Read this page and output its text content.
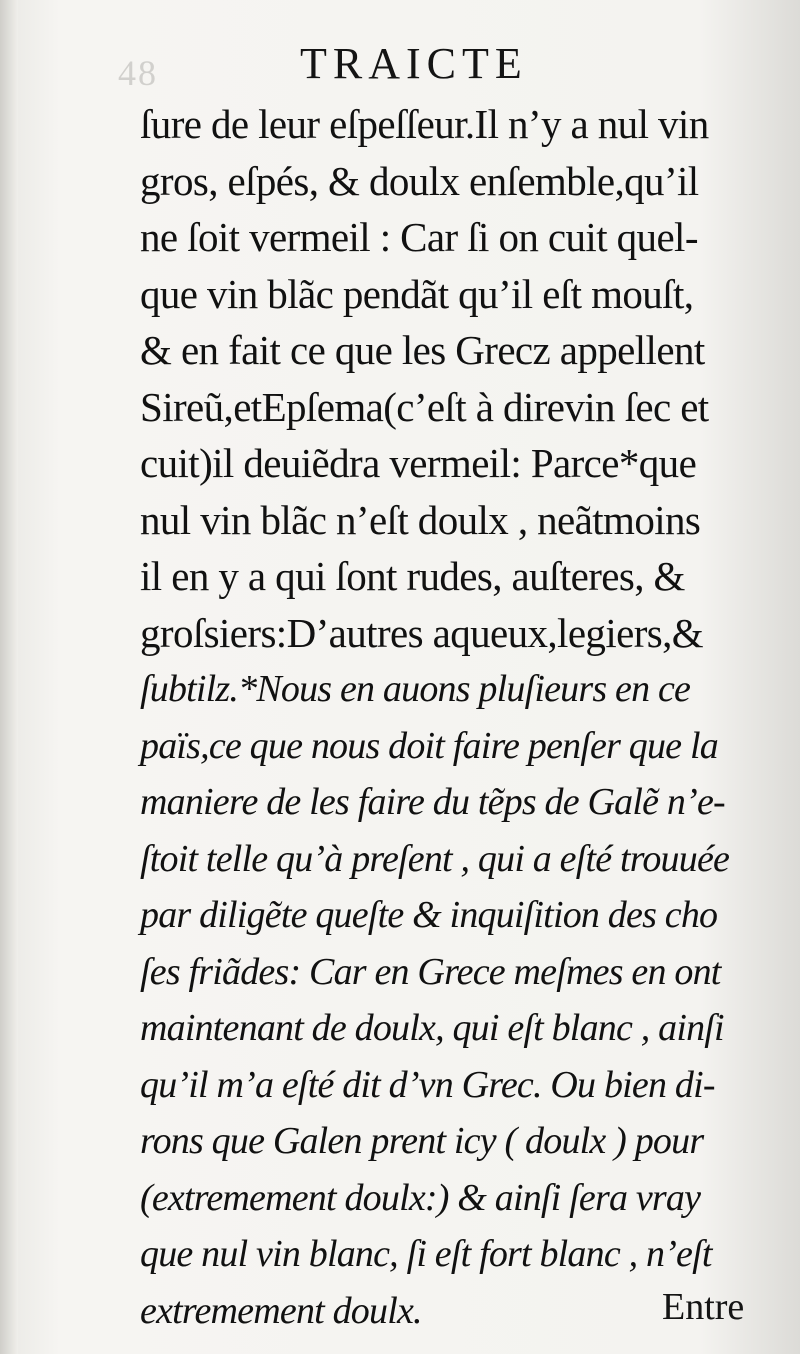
48	TRAICTE
ſure de leur eſpeſſeur.Il n’y a nul vin
gros, eſpés, & doulx enſemble,qu’il
ne ſoit vermeil : Car ſi on cuit quel-
que vin blãc pendãt qu’il eſt mouſt,
& en fait ce que les Grecz appellent
Sireũ,etEpſema(c’eſt à direvin ſec et
cuit)il deuiẽdra vermeil: Parce*que
nul vin blãc n’eſt doulx , neãtmoins
il en y a qui ſont rudes, auſteres, &
groſsiers:D’autres aqueux,legiers,&
ſubtilz.*Nous en auons pluſieurs en ce
païs,ce que nous doit faire penſer que la
maniere de les faire du tẽps de Galẽ n’e-
ſtoit telle qu’à preſent , qui a eſté trouuée
par diligẽte queſte & inquiſition des cho
ſes friãdes: Car en Grece meſmes en ont
maintenant de doulx, qui eſt blanc , ainſi
qu’il m’a eſté dit d’vn Grec. Ou bien di-
rons que Galen prent icy ( doulx ) pour
(extremement doulx:) & ainſi ſera vray
que nul vin blanc, ſi eſt fort blanc , n’eſt
extremement doulx.	Entre
